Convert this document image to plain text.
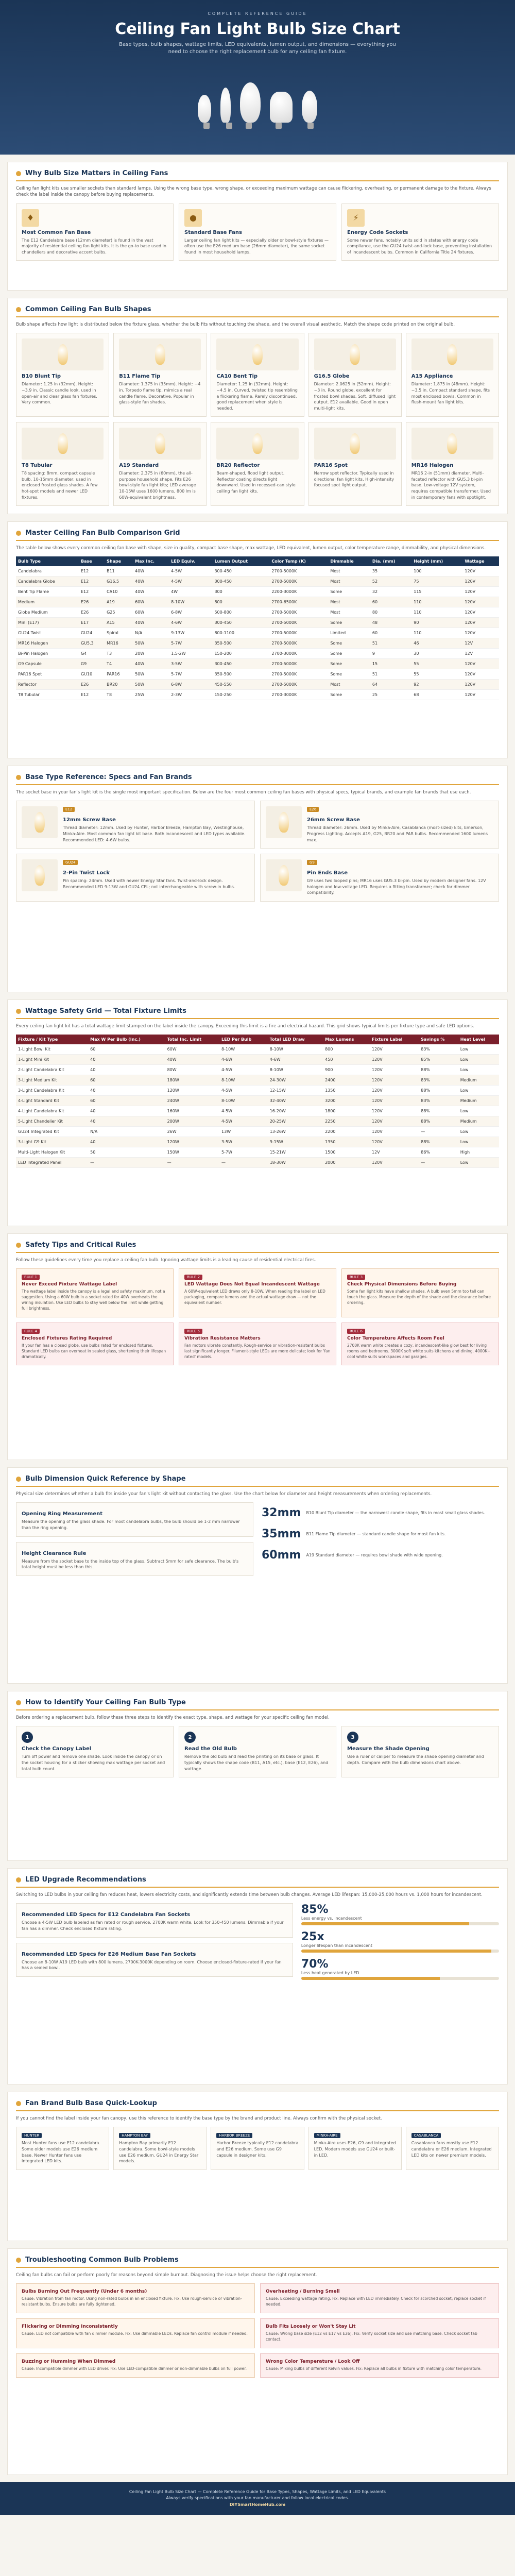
COMPLETE REFERENCE GUIDE
Ceiling Fan Light Bulb Size Chart
Base types, bulb shapes, wattage limits, LED equivalents, lumen output, and dimensions — everything you need to choose the right replacement bulb for any ceiling fan fixture.
Why Bulb Size Matters in Ceiling Fans

Ceiling fan light kits use smaller sockets than standard lamps. Using the wrong base type, wrong shape, or exceeding maximum wattage can cause flickering, overheating, or permanent damage to the fixture. Always check the label inside the canopy before buying replacements.

♦
Most Common Fan Base

The E12 Candelabra base (12mm diameter) is found in the vast majority of residential ceiling fan light kits. It is the go-to base used in chandeliers and decorative accent bulbs.

●
Standard Base Fans

Larger ceiling fan light kits — especially older or bowl-style fixtures — often use the E26 medium base (26mm diameter), the same socket found in most household lamps.

⚡
Energy Code Sockets

Some newer fans, notably units sold in states with energy code compliance, use the GU24 twist-and-lock base, preventing installation of incandescent bulbs. Common in California Title 24 fixtures.

Common Ceiling Fan Bulb Shapes

Bulb shape affects how light is distributed below the fixture glass, whether the bulb fits without touching the shade, and the overall visual aesthetic. Match the shape code printed on the original bulb.

B10 Blunt Tip

Diameter: 1.25 in (32mm). Height: ~3.9 in. Classic candle look, used in open-air and clear glass fan fixtures. Very common.

B11 Flame Tip

Diameter: 1.375 in (35mm). Height: ~4 in. Torpedo flame tip, mimics a real candle flame. Decorative. Popular in glass-style fan shades.

CA10 Bent Tip

Diameter: 1.25 in (32mm). Height: ~4.5 in. Curved, twisted tip resembling a flickering flame. Rarely discontinued, good replacement when style is needed.

G16.5 Globe

Diameter: 2.0625 in (52mm). Height: ~3 in. Round globe, excellent for frosted bowl shades. Soft, diffused light output. E12 available. Good in open multi-light kits.

A15 Appliance

Diameter: 1.875 in (48mm). Height: ~3.5 in. Compact standard shape, fits most enclosed bowls. Common in flush-mount fan light kits.

T8 Tubular

T8 spacing: 8mm, compact capsule bulb. 10-15mm diameter, used in enclosed frosted glass shades. A few hot-spot models and newer LED fixtures.

A19 Standard

Diameter: 2.375 in (60mm), the all-purpose household shape. Fits E26 bowl-style fan light kits; LED average 10-15W uses 1600 lumens, 800 lm is 60W-equivalent brightness.

BR20 Reflector

Beam-shaped, flood light output. Reflector coating directs light downward. Used in recessed-can style ceiling fan light kits.

PAR16 Spot

Narrow spot reflector. Typically used in directional fan light kits. High-intensity focused spot light output.

MR16 Halogen

MR16 2-in (51mm) diameter. Multi-faceted reflector with GU5.3 bi-pin base. Low-voltage 12V system, requires compatible transformer. Used in contemporary fans with spotlight.

Master Ceiling Fan Bulb Comparison Grid

The table below shows every common ceiling fan base with shape, size in quality, compact base shape, max wattage, LED equivalent, lumen output, color temperature range, dimmability, and physical dimensions.

Bulb Type	Base	Shape	Max Inc.	LED Equiv.	Lumen Output	Color Temp (K)	Dimmable	Dia. (mm)	Height (mm)	Wattage
Candelabra	E12	B11	40W	4-5W	300-450	2700-5000K	Most	35	100	120V
Candelabra Globe	E12	G16.5	40W	4-5W	300-450	2700-5000K	Most	52	75	120V
Bent Tip Flame	E12	CA10	40W	4W	300	2200-3000K	Some	32	115	120V
Medium	E26	A19	60W	8-10W	800	2700-6500K	Most	60	110	120V
Globe Medium	E26	G25	60W	6-8W	500-800	2700-5000K	Most	80	110	120V
Mini (E17)	E17	A15	40W	4-6W	300-450	2700-5000K	Some	48	90	120V
GU24 Twist	GU24	Spiral	N/A	9-13W	800-1100	2700-5000K	Limited	60	110	120V
MR16 Halogen	GU5.3	MR16	50W	5-7W	350-500	2700-5000K	Some	51	46	12V
Bi-Pin Halogen	G4	T3	20W	1.5-2W	150-200	2700-3000K	Some	9	30	12V
G9 Capsule	G9	T4	40W	3-5W	300-450	2700-5000K	Some	15	55	120V
PAR16 Spot	GU10	PAR16	50W	5-7W	350-500	2700-5000K	Some	51	55	120V
Reflector	E26	BR20	50W	6-8W	450-550	2700-5000K	Most	64	92	120V
T8 Tubular	E12	T8	25W	2-3W	150-250	2700-3000K	Some	25	68	120V
Base Type Reference: Specs and Fan Brands

The socket base in your fan's light kit is the single most important specification. Below are the four most common ceiling fan bases with physical specs, typical brands, and example fan brands that use each.

E12
12mm Screw Base

Thread diameter: 12mm. Used by Hunter, Harbor Breeze, Hampton Bay, Westinghouse, Minka-Aire. Most common fan light kit base. Both incandescent and LED types available. Recommended LED: 4-6W bulbs.

E26
26mm Screw Base

Thread diameter: 26mm. Used by Minka-Aire, Casablanca (most-sized) kits, Emerson, Progress Lighting. Accepts A19, G25, BR20 and PAR bulbs. Recommended 1600 lumens max.

GU24
2-Pin Twist Lock

Pin spacing: 24mm. Used with newer Energy Star fans. Twist-and-lock design. Recommended LED 9-13W and GU24 CFL; not interchangeable with screw-in bulbs.

G9
Pin Ends Base

G9 uses two looped pins; MR16 uses GU5.3 bi-pin. Used by modern designer fans. 12V halogen and low-voltage LED. Requires a fitting transformer; check for dimmer compatibility.

Wattage Safety Grid — Total Fixture Limits

Every ceiling fan light kit has a total wattage limit stamped on the label inside the canopy. Exceeding this limit is a fire and electrical hazard. This grid shows typical limits per fixture type and safe LED options.

Fixture / Kit Type	Max W Per Bulb (Inc.)	Total Inc. Limit	LED Per Bulb	Total LED Draw	Max Lumens	Fixture Label	Savings %	Heat Level
1-Light Bowl Kit	60	60W	8-10W	8-10W	800	120V	83%	Low
1-Light Mini Kit	40	40W	4-6W	4-6W	450	120V	85%	Low
2-Light Candelabra Kit	40	80W	4-5W	8-10W	900	120V	88%	Low
3-Light Medium Kit	60	180W	8-10W	24-30W	2400	120V	83%	Medium
3-Light Candelabra Kit	40	120W	4-5W	12-15W	1350	120V	88%	Low
4-Light Standard Kit	60	240W	8-10W	32-40W	3200	120V	83%	Medium
4-Light Candelabra Kit	40	160W	4-5W	16-20W	1800	120V	88%	Low
5-Light Chandelier Kit	40	200W	4-5W	20-25W	2250	120V	88%	Medium
GU24 Integrated Kit	N/A	26W	13W	13-26W	2200	120V	—	Low
3-Light G9 Kit	40	120W	3-5W	9-15W	1350	120V	88%	Low
Multi-Light Halogen Kit	50	150W	5-7W	15-21W	1500	12V	86%	High
LED Integrated Panel	—	—	—	18-30W	2000	120V	—	Low
Safety Tips and Critical Rules

Follow these guidelines every time you replace a ceiling fan bulb. Ignoring wattage limits is a leading cause of residential electrical fires.

RULE 1
Never Exceed Fixture Wattage Label

The wattage label inside the canopy is a legal and safety maximum, not a suggestion. Using a 60W bulb in a socket rated for 40W overheats the wiring insulation. Use LED bulbs to stay well below the limit while getting full brightness.

RULE 2
LED Wattage Does Not Equal Incandescent Wattage

A 60W-equivalent LED draws only 8-10W. When reading the label on LED packaging, compare lumens and the actual wattage draw — not the equivalent number.

RULE 3
Check Physical Dimensions Before Buying

Some fan light kits have shallow shades. A bulb even 5mm too tall can touch the glass. Measure the depth of the shade and the clearance before ordering.

RULE 4
Enclosed Fixtures Rating Required

If your fan has a closed globe, use bulbs rated for enclosed fixtures. Standard LED bulbs can overheat in sealed glass, shortening their lifespan dramatically.

RULE 5
Vibration Resistance Matters

Fan motors vibrate constantly. Rough-service or vibration-resistant bulbs last significantly longer. Filament-style LEDs are more delicate; look for 'fan rated' models.

RULE 6
Color Temperature Affects Room Feel

2700K warm white creates a cozy, incandescent-like glow best for living rooms and bedrooms. 3000K soft white suits kitchens and dining. 4000K+ cool white suits workspaces and garages.

Bulb Dimension Quick Reference by Shape

Physical size determines whether a bulb fits inside your fan's light kit without contacting the glass. Use the chart below for diameter and height measurements when ordering replacements.

Opening Ring Measurement

Measure the opening of the glass shade. For most candelabra bulbs, the bulb should be 1-2 mm narrower than the ring opening.

Height Clearance Rule

Measure from the socket base to the inside top of the glass. Subtract 5mm for safe clearance. The bulb's total height must be less than this.

32mm B10 Blunt Tip diameter — the narrowest candle shape, fits in most small glass shades.
35mm B11 Flame Tip diameter — standard candle shape for most fan kits.
60mm A19 Standard diameter — requires bowl shade with wide opening.
How to Identify Your Ceiling Fan Bulb Type

Before ordering a replacement bulb, follow these three steps to identify the exact type, shape, and wattage for your specific ceiling fan model.

1
Check the Canopy Label

Turn off power and remove one shade. Look inside the canopy or on the socket housing for a sticker showing max wattage per socket and total bulb count.

2
Read the Old Bulb

Remove the old bulb and read the printing on its base or glass. It typically shows the shape code (B11, A15, etc.), base (E12, E26), and wattage.

3
Measure the Shade Opening

Use a ruler or caliper to measure the shade opening diameter and depth. Compare with the bulb dimensions chart above.

LED Upgrade Recommendations

Switching to LED bulbs in your ceiling fan reduces heat, lowers electricity costs, and significantly extends time between bulb changes. Average LED lifespan: 15,000-25,000 hours vs. 1,000 hours for incandescent.

Recommended LED Specs for E12 Candelabra Fan Sockets

Choose a 4-5W LED bulb labeled as fan rated or rough service. 2700K warm white. Look for 350-450 lumens. Dimmable if your fan has a dimmer. Check enclosed fixture rating.

Recommended LED Specs for E26 Medium Base Fan Sockets

Choose an 8-10W A19 LED bulb with 800 lumens. 2700K-3000K depending on room. Choose enclosed-fixture-rated if your fan has a sealed bowl.

85%
Less energy vs. incandescent
25x
Longer lifespan than incandescent
70%
Less heat generated by LED
Fan Brand Bulb Base Quick-Lookup

If you cannot find the label inside your fan canopy, use this reference to identify the base type by the brand and product line. Always confirm with the physical socket.

HUNTER

Most Hunter fans use E12 candelabra. Some older models use E26 medium base. Newer Hunter fans use integrated LED kits.

HAMPTON BAY

Hampton Bay primarily E12 candelabra. Some bowl-style models use E26 medium. GU24 in Energy Star models.

HARBOR BREEZE

Harbor Breeze typically E12 candelabra and E26 medium. Some use G9 capsule in designer kits.

MINKA-AIRE

Minka-Aire uses E26, G9 and integrated LED. Modern models use GU24 or built-in LED.

CASABLANCA

Casablanca fans mostly use E12 candelabra or E26 medium. Integrated LED kits on newer premium models.

Troubleshooting Common Bulb Problems

Ceiling fan bulbs can fail or perform poorly for reasons beyond simple burnout. Diagnosing the issue helps choose the right replacement.

Bulbs Burning Out Frequently (Under 6 months)

Cause: Vibration from fan motor. Using non-rated bulbs in an enclosed fixture. Fix: Use rough-service or vibration-resistant bulbs. Ensure bulbs are fully tightened.

Overheating / Burning Smell

Cause: Exceeding wattage rating. Fix: Replace with LED immediately. Check for scorched socket; replace socket if needed.

Flickering or Dimming Inconsistently

Cause: LED not compatible with fan dimmer module. Fix: Use dimmable LEDs. Replace fan control module if needed.

Bulb Fits Loosely or Won't Stay Lit

Cause: Wrong base size (E12 vs E17 vs E26). Fix: Verify socket size and use matching base. Check socket tab contact.

Buzzing or Humming When Dimmed

Cause: Incompatible dimmer with LED driver. Fix: Use LED-compatible dimmer or non-dimmable bulbs on full power.

Wrong Color Temperature / Look Off

Cause: Mixing bulbs of different Kelvin values. Fix: Replace all bulbs in fixture with matching color temperature.

Ceiling Fan Light Bulb Size Chart — Complete Reference Guide for Base Types, Shapes, Wattage Limits, and LED Equivalents
Always verify specifications with your fan manufacturer and follow local electrical codes.
DIYSmartHomeHub.com
